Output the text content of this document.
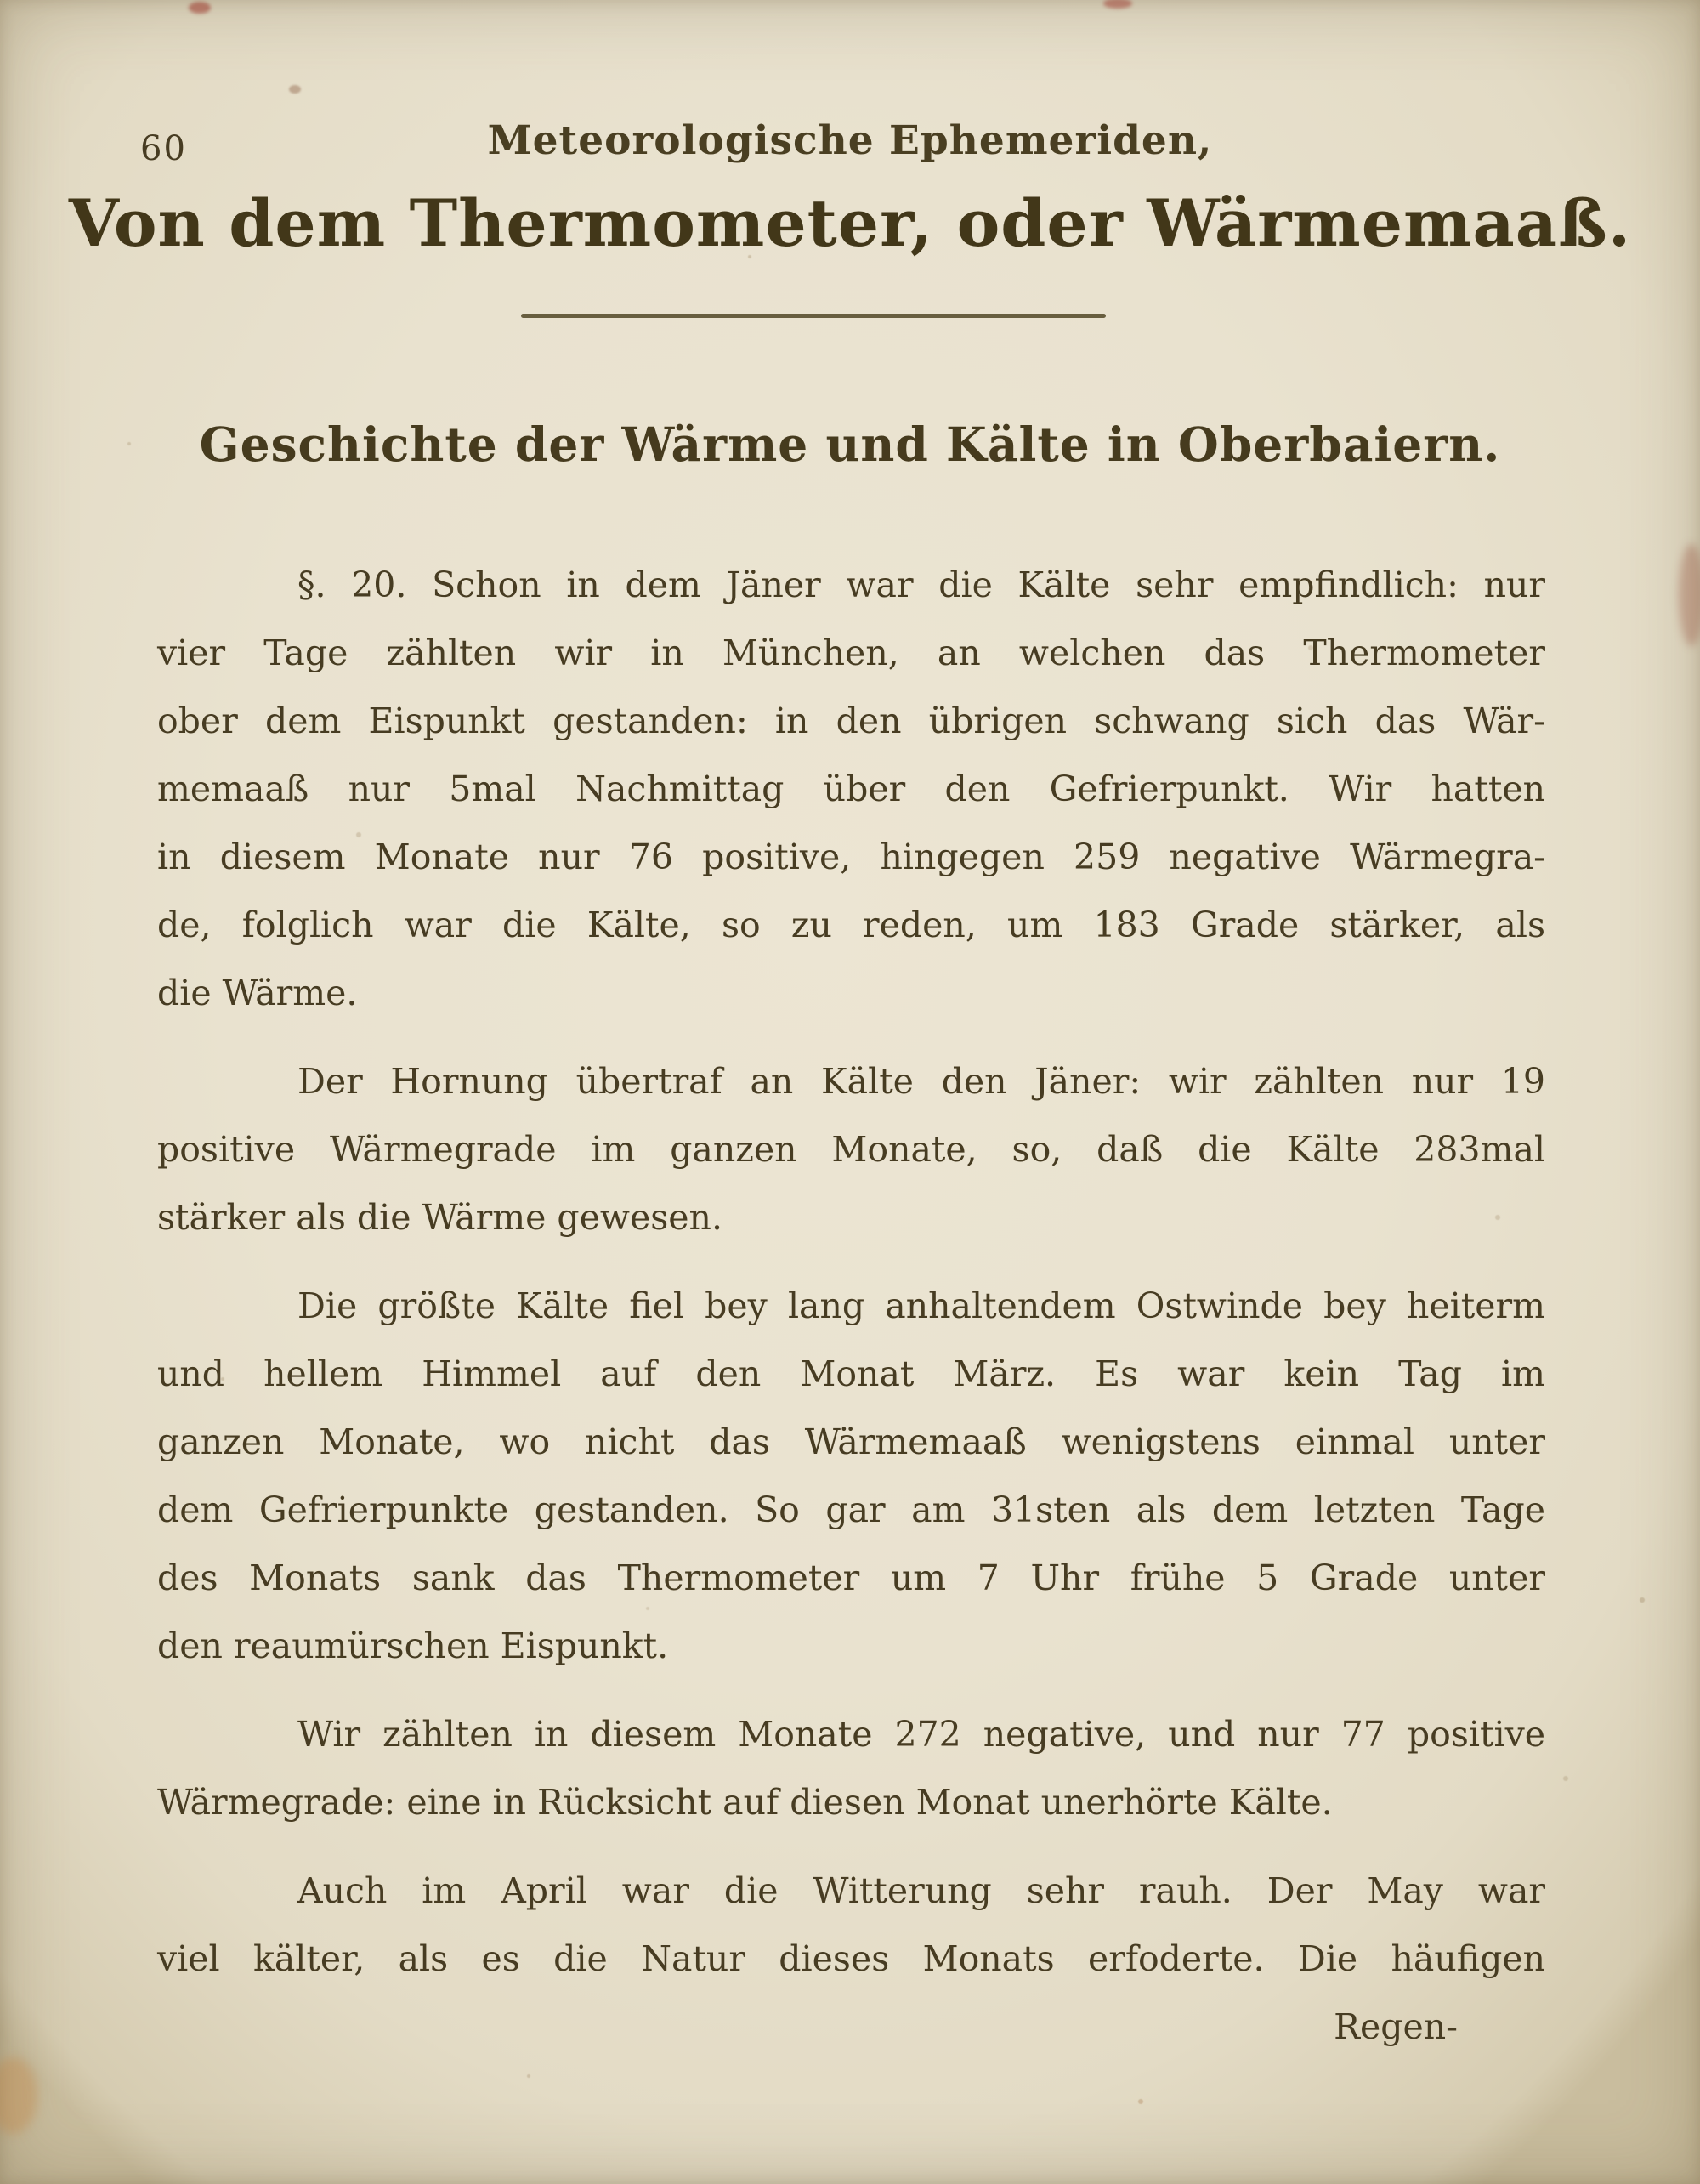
60	Meteorologische Ephemeriden,
Von dem Thermometer, oder Wärmemaaß.
Geschichte der Wärme und Kälte in Oberbaiern.
§. 20. Schon in dem Jäner war die Kälte sehr empfindlich: nur
vier Tage zählten wir in München, an welchen das Thermometer
ober dem Eispunkt gestanden: in den übrigen schwang sich das Wär-
memaaß nur 5mal Nachmittag über den Gefrierpunkt. Wir hatten
in diesem Monate nur 76 positive, hingegen 259 negative Wärmegra-
de, folglich war die Kälte, so zu reden, um 183 Grade stärker, als
die Wärme.
Der Hornung übertraf an Kälte den Jäner: wir zählten nur 19
positive Wärmegrade im ganzen Monate, so, daß die Kälte 283mal
stärker als die Wärme gewesen.
Die größte Kälte fiel bey lang anhaltendem Ostwinde bey heiterm
und hellem Himmel auf den Monat März. Es war kein Tag im
ganzen Monate, wo nicht das Wärmemaaß wenigstens einmal unter
dem Gefrierpunkte gestanden. So gar am 31sten als dem letzten Tage
des Monats sank das Thermometer um 7 Uhr frühe 5 Grade unter
den reaumürschen Eispunkt.
Wir zählten in diesem Monate 272 negative, und nur 77 positive
Wärmegrade: eine in Rücksicht auf diesen Monat unerhörte Kälte.
Auch im April war die Witterung sehr rauh. Der May war
viel kälter, als es die Natur dieses Monats erfoderte. Die häufigen
Regen-
